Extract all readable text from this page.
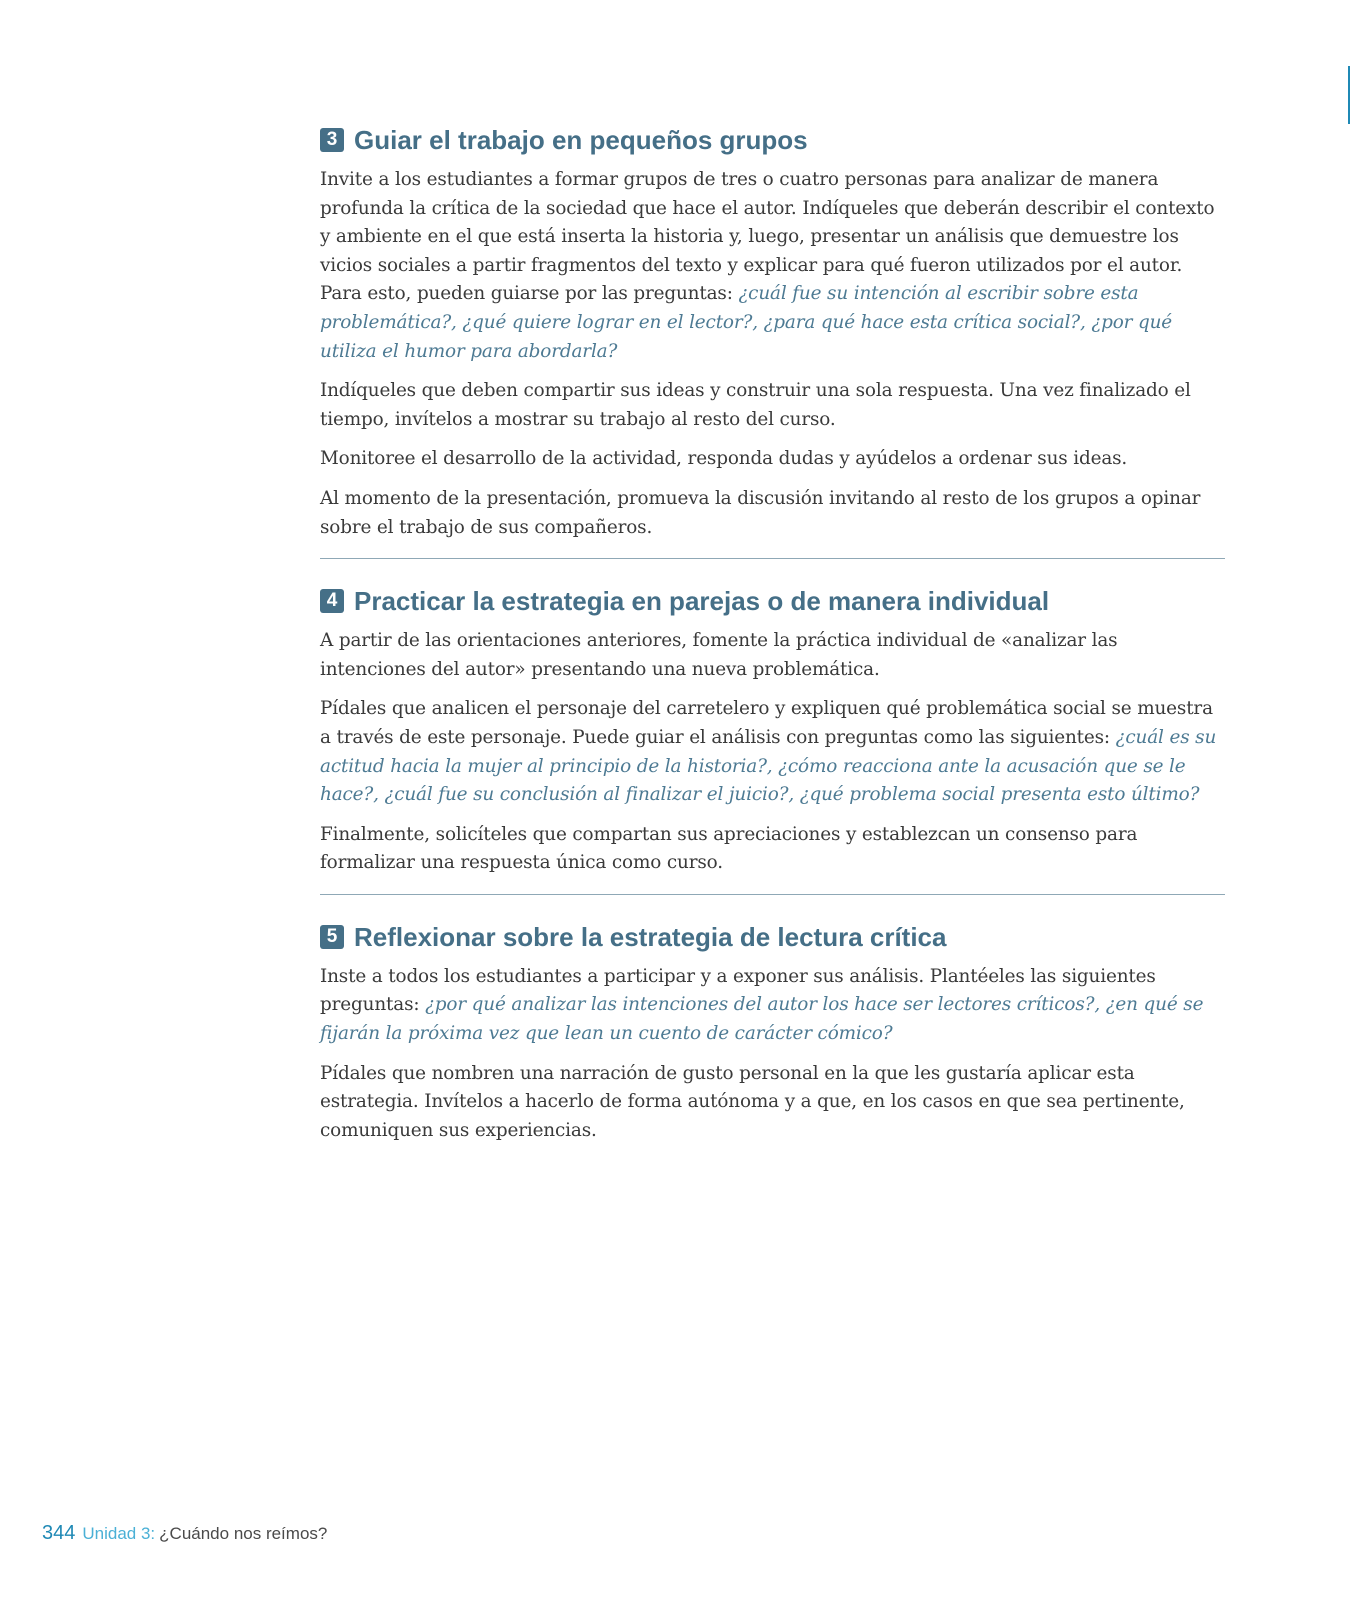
3 Guiar el trabajo en pequeños grupos

Invite a los estudiantes a formar grupos de tres o cuatro personas para analizar de manera profunda la crítica de la sociedad que hace el autor. Indíqueles que deberán describir el contexto y ambiente en el que está inserta la historia y, luego, presentar un análisis que demuestre los vicios sociales a partir fragmentos del texto y explicar para qué fueron utilizados por el autor. Para esto, pueden guiarse por las preguntas: ¿cuál fue su intención al escribir sobre esta problemática?, ¿qué quiere lograr en el lector?, ¿para qué hace esta crítica social?, ¿por qué utiliza el humor para abordarla?

Indíqueles que deben compartir sus ideas y construir una sola respuesta. Una vez finalizado el tiempo, invítelos a mostrar su trabajo al resto del curso.

Monitoree el desarrollo de la actividad, responda dudas y ayúdelos a ordenar sus ideas.

Al momento de la presentación, promueva la discusión invitando al resto de los grupos a opinar sobre el trabajo de sus compañeros.

4 Practicar la estrategia en parejas o de manera individual

A partir de las orientaciones anteriores, fomente la práctica individual de «analizar las intenciones del autor» presentando una nueva problemática.

Pídales que analicen el personaje del carretelero y expliquen qué problemática social se muestra a través de este personaje. Puede guiar el análisis con preguntas como las siguientes: ¿cuál es su actitud hacia la mujer al principio de la historia?, ¿cómo reacciona ante la acusación que se le hace?, ¿cuál fue su conclusión al finalizar el juicio?, ¿qué problema social presenta esto último?

Finalmente, solicíteles que compartan sus apreciaciones y establezcan un consenso para formalizar una respuesta única como curso.

5 Reflexionar sobre la estrategia de lectura crítica

Inste a todos los estudiantes a participar y a exponer sus análisis. Plantéeles las siguientes preguntas: ¿por qué analizar las intenciones del autor los hace ser lectores críticos?, ¿en qué se fijarán la próxima vez que lean un cuento de carácter cómico?

Pídales que nombren una narración de gusto personal en la que les gustaría aplicar esta estrategia. Invítelos a hacerlo de forma autónoma y a que, en los casos en que sea pertinente, comuniquen sus experiencias.

344 Unidad 3: ¿Cuándo nos reímos?
